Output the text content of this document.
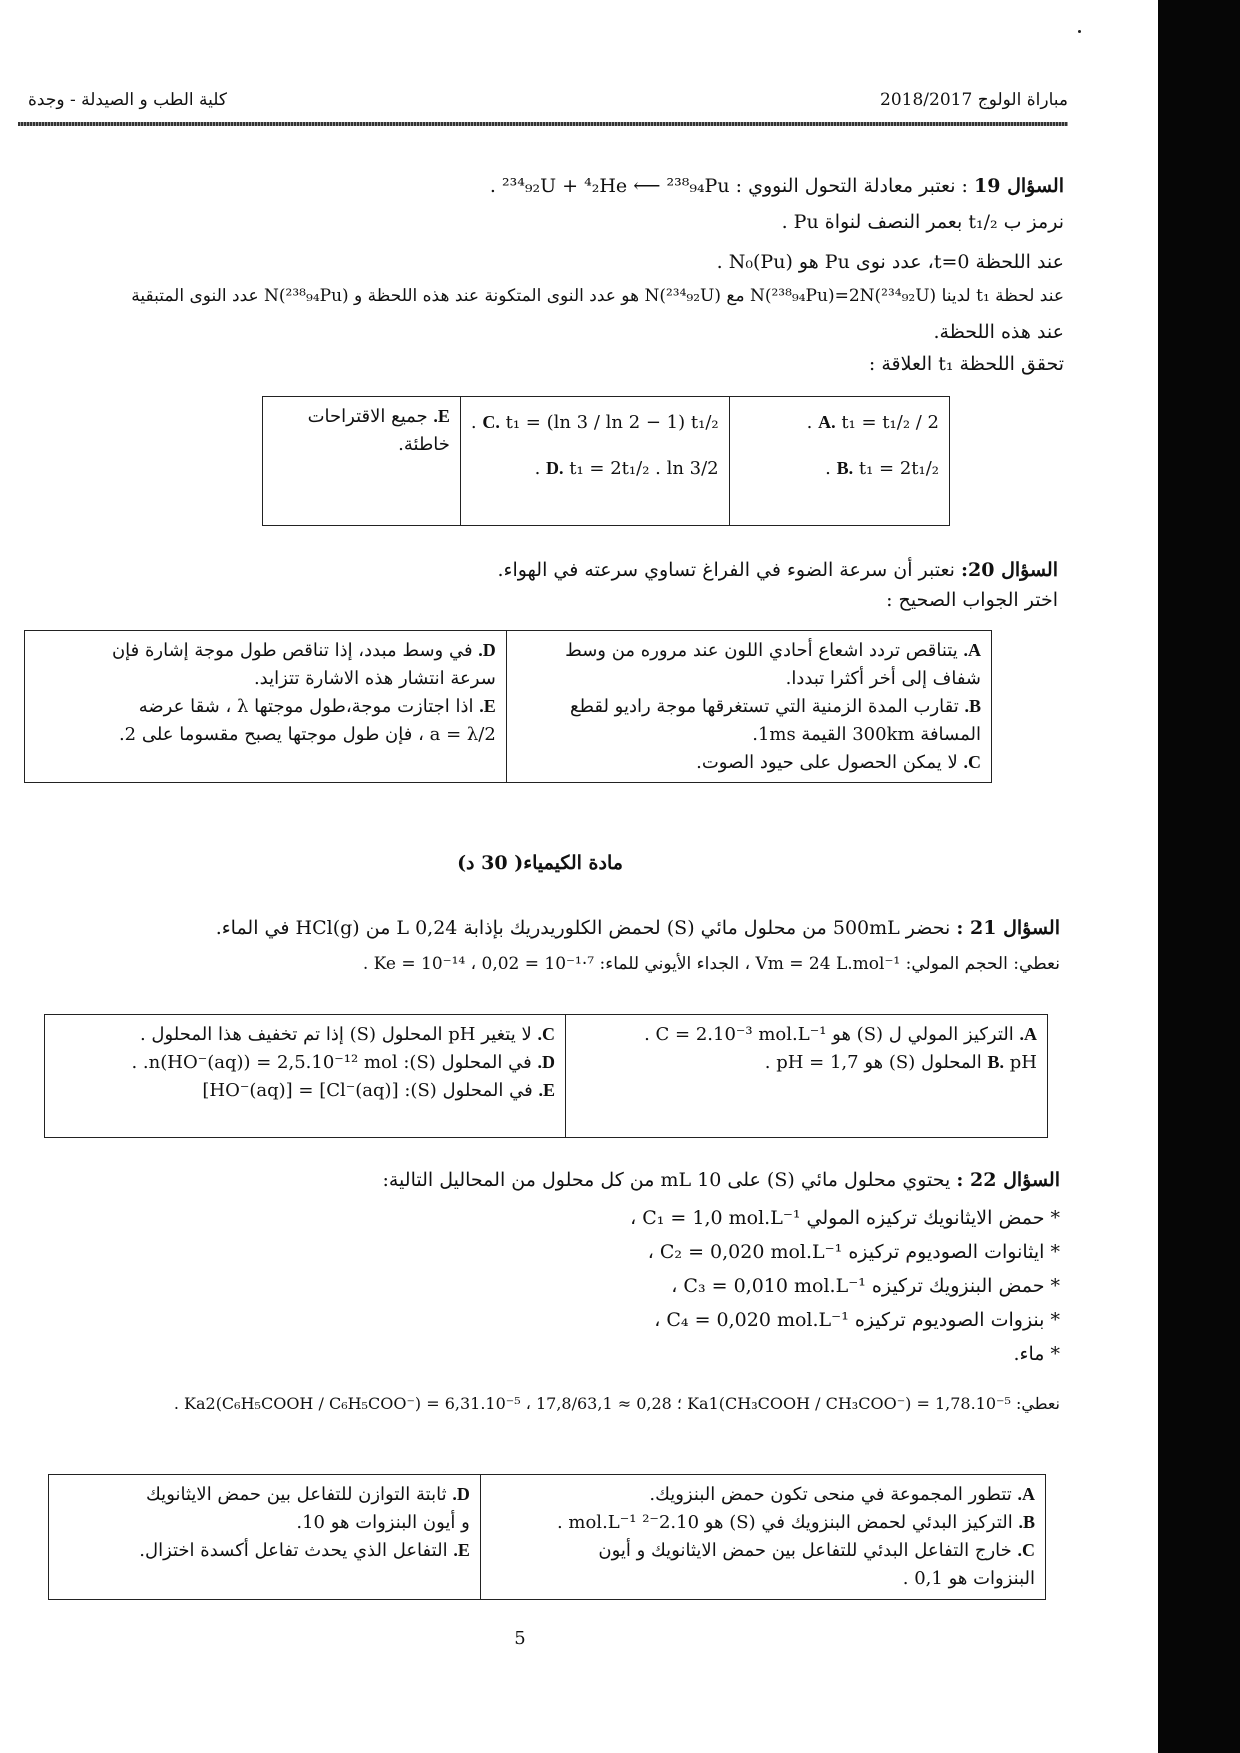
مباراة الولوج 2018/2017
كلية الطب و الصيدلة - وجدة
السؤال 19 : نعتبر معادلة التحول النووي : ²³⁴₉₂U + ⁴₂He ⟵ ²³⁸₉₄Pu .
نرمز ب t₁/₂ بعمر النصف لنواة Pu .
عند اللحظة t=0، عدد نوى Pu هو N₀(Pu) .
عند لحظة t₁ لدينا N(²³⁸₉₄Pu)=2N(²³⁴₉₂U) مع N(²³⁴₉₂U) هو عدد النوى المتكونة عند هذه اللحظة و N(²³⁸₉₄Pu) عدد النوى المتبقية
عند هذه اللحظة.
تحقق اللحظة t₁ العلاقة :
A. t₁ = t₁/₂ / 2 .
B. t₁ = 2t₁/₂ .

C. t₁ = (ln 3 / ln 2 − 1) t₁/₂ .
D. t₁ = 2t₁/₂ . ln 3/2 .

E. جميع الاقتراحات خاطئة.
السؤال 20: نعتبر أن سرعة الضوء في الفراغ تساوي سرعته في الهواء.
اختر الجواب الصحيح :
A. يتناقص تردد اشعاع أحادي اللون عند مروره من وسط
شفاف إلى أخر أكثرا تبددا.
B. تقارب المدة الزمنية التي تستغرقها موجة راديو لقطع
المسافة 300km القيمة 1ms.
C. لا يمكن الحصول على حيود الصوت.

D. في وسط مبدد، إذا تناقص طول موجة إشارة فإن
سرعة انتشار هذه الاشارة تتزايد.
E. اذا اجتازت موجة،طول موجتها λ ، شقا عرضه
a = λ/2 ، فإن طول موجتها يصبح مقسوما على 2.
مادة الكيمياء( 30 د)
السؤال 21 : نحضر 500mL من محلول مائي (S) لحمض الكلوريدريك بإذابة 0,24 L من HCl(g) في الماء.
نعطي: الحجم المولي: Vm = 24 L.mol⁻¹ ، الجداء الأيوني للماء: Ke = 10⁻¹⁴ ، 0,02 = 10⁻¹·⁷ .
A. التركيز المولي ل (S) هو C = 2.10⁻³ mol.L⁻¹ .
B. pH المحلول (S) هو pH = 1,7 .

C. لا يتغير pH المحلول (S) إذا تم تخفيف هذا المحلول .
D. في المحلول (S): n(HO⁻(aq)) = 2,5.10⁻¹² mol. .
E. في المحلول (S): [Cl⁻(aq)] = [HO⁻(aq)]
السؤال 22 : يحتوي محلول مائي (S) على 10 mL من كل محلول من المحاليل التالية:
* حمض الايثانويك تركيزه المولي C₁ = 1,0 mol.L⁻¹ ،
* ايثانوات الصوديوم تركيزه C₂ = 0,020 mol.L⁻¹ ،
* حمض البنزويك تركيزه C₃ = 0,010 mol.L⁻¹ ،
* بنزوات الصوديوم تركيزه C₄ = 0,020 mol.L⁻¹ ،
* ماء.
نعطي: Ka1(CH₃COOH / CH₃COO⁻) = 1,78.10⁻⁵ ؛ Ka2(C₆H₅COOH / C₆H₅COO⁻) = 6,31.10⁻⁵ ، 17,8/63,1 ≈ 0,28 .
A. تتطور المجموعة في منحى تكون حمض البنزويك.
B. التركيز البدئي لحمض البنزويك في (S) هو 2.10⁻² mol.L⁻¹ .
C. خارج التفاعل البدئي للتفاعل بين حمض الايثانويك و أيون
البنزوات هو 0,1 .

D. ثابتة التوازن للتفاعل بين حمض الايثانويك
و أيون البنزوات هو 10.
E. التفاعل الذي يحدث تفاعل أكسدة اختزال.
5
